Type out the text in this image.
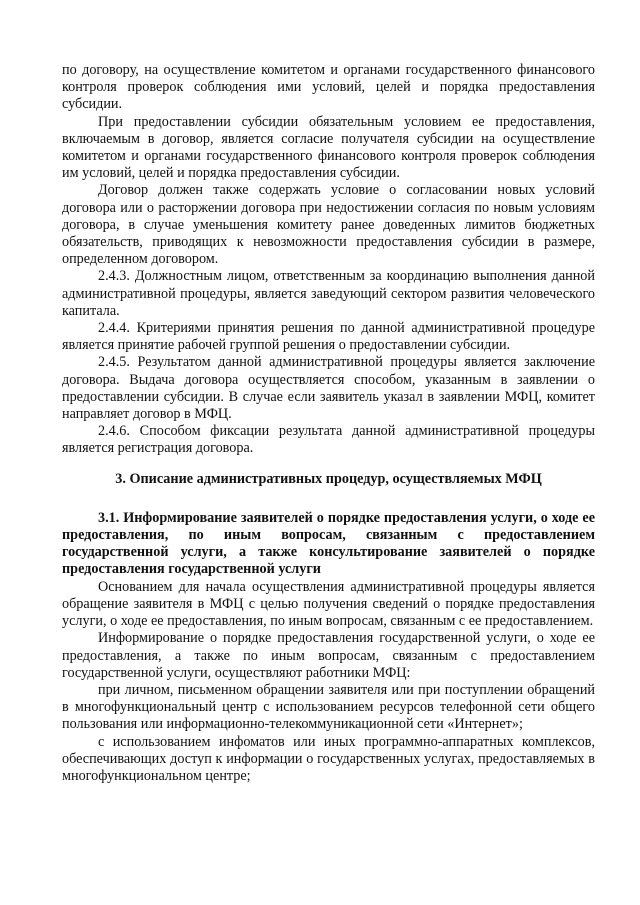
по договору, на осуществление комитетом и органами государственного финансового контроля проверок соблюдения ими условий, целей и порядка предоставления субсидии.

При предоставлении субсидии обязательным условием ее предоставления, включаемым в договор, является согласие получателя субсидии на осуществление комитетом и органами государственного финансового контроля проверок соблюдения им условий, целей и порядка предоставления субсидии.

Договор должен также содержать условие о согласовании новых условий договора или о расторжении договора при недостижении согласия по новым условиям договора, в случае уменьшения комитету ранее доведенных лимитов бюджетных обязательств, приводящих к невозможности предоставления субсидии в размере, определенном договором.

2.4.3. Должностным лицом, ответственным за координацию выполнения данной административной процедуры, является заведующий сектором развития человеческого капитала.

2.4.4. Критериями принятия решения по данной административной процедуре является принятие рабочей группой решения о предоставлении субсидии.

2.4.5. Результатом данной административной процедуры является заключение договора. Выдача договора осуществляется способом, указанным в заявлении о предоставлении субсидии. В случае если заявитель указал в заявлении МФЦ, комитет направляет договор в МФЦ.

2.4.6. Способом фиксации результата данной административной процедуры является регистрация договора.

3. Описание административных процедур, осуществляемых МФЦ

3.1. Информирование заявителей о порядке предоставления услуги, о ходе ее предоставления, по иным вопросам, связанным с предоставлением государственной услуги, а также консультирование заявителей о порядке предоставления государственной услуги

Основанием для начала осуществления административной процедуры является обращение заявителя в МФЦ с целью получения сведений о порядке предоставления услуги, о ходе ее предоставления, по иным вопросам, связанным с ее предоставлением.

Информирование о порядке предоставления государственной услуги, о ходе ее предоставления, а также по иным вопросам, связанным с предоставлением государственной услуги, осуществляют работники МФЦ:

при личном, письменном обращении заявителя или при поступлении обращений в многофункциональный центр с использованием ресурсов телефонной сети общего пользования или информационно-телекоммуникационной сети «Интернет»;

с использованием инфоматов или иных программно-аппаратных комплексов, обеспечивающих доступ к информации о государственных услугах, предоставляемых в многофункциональном центре;
